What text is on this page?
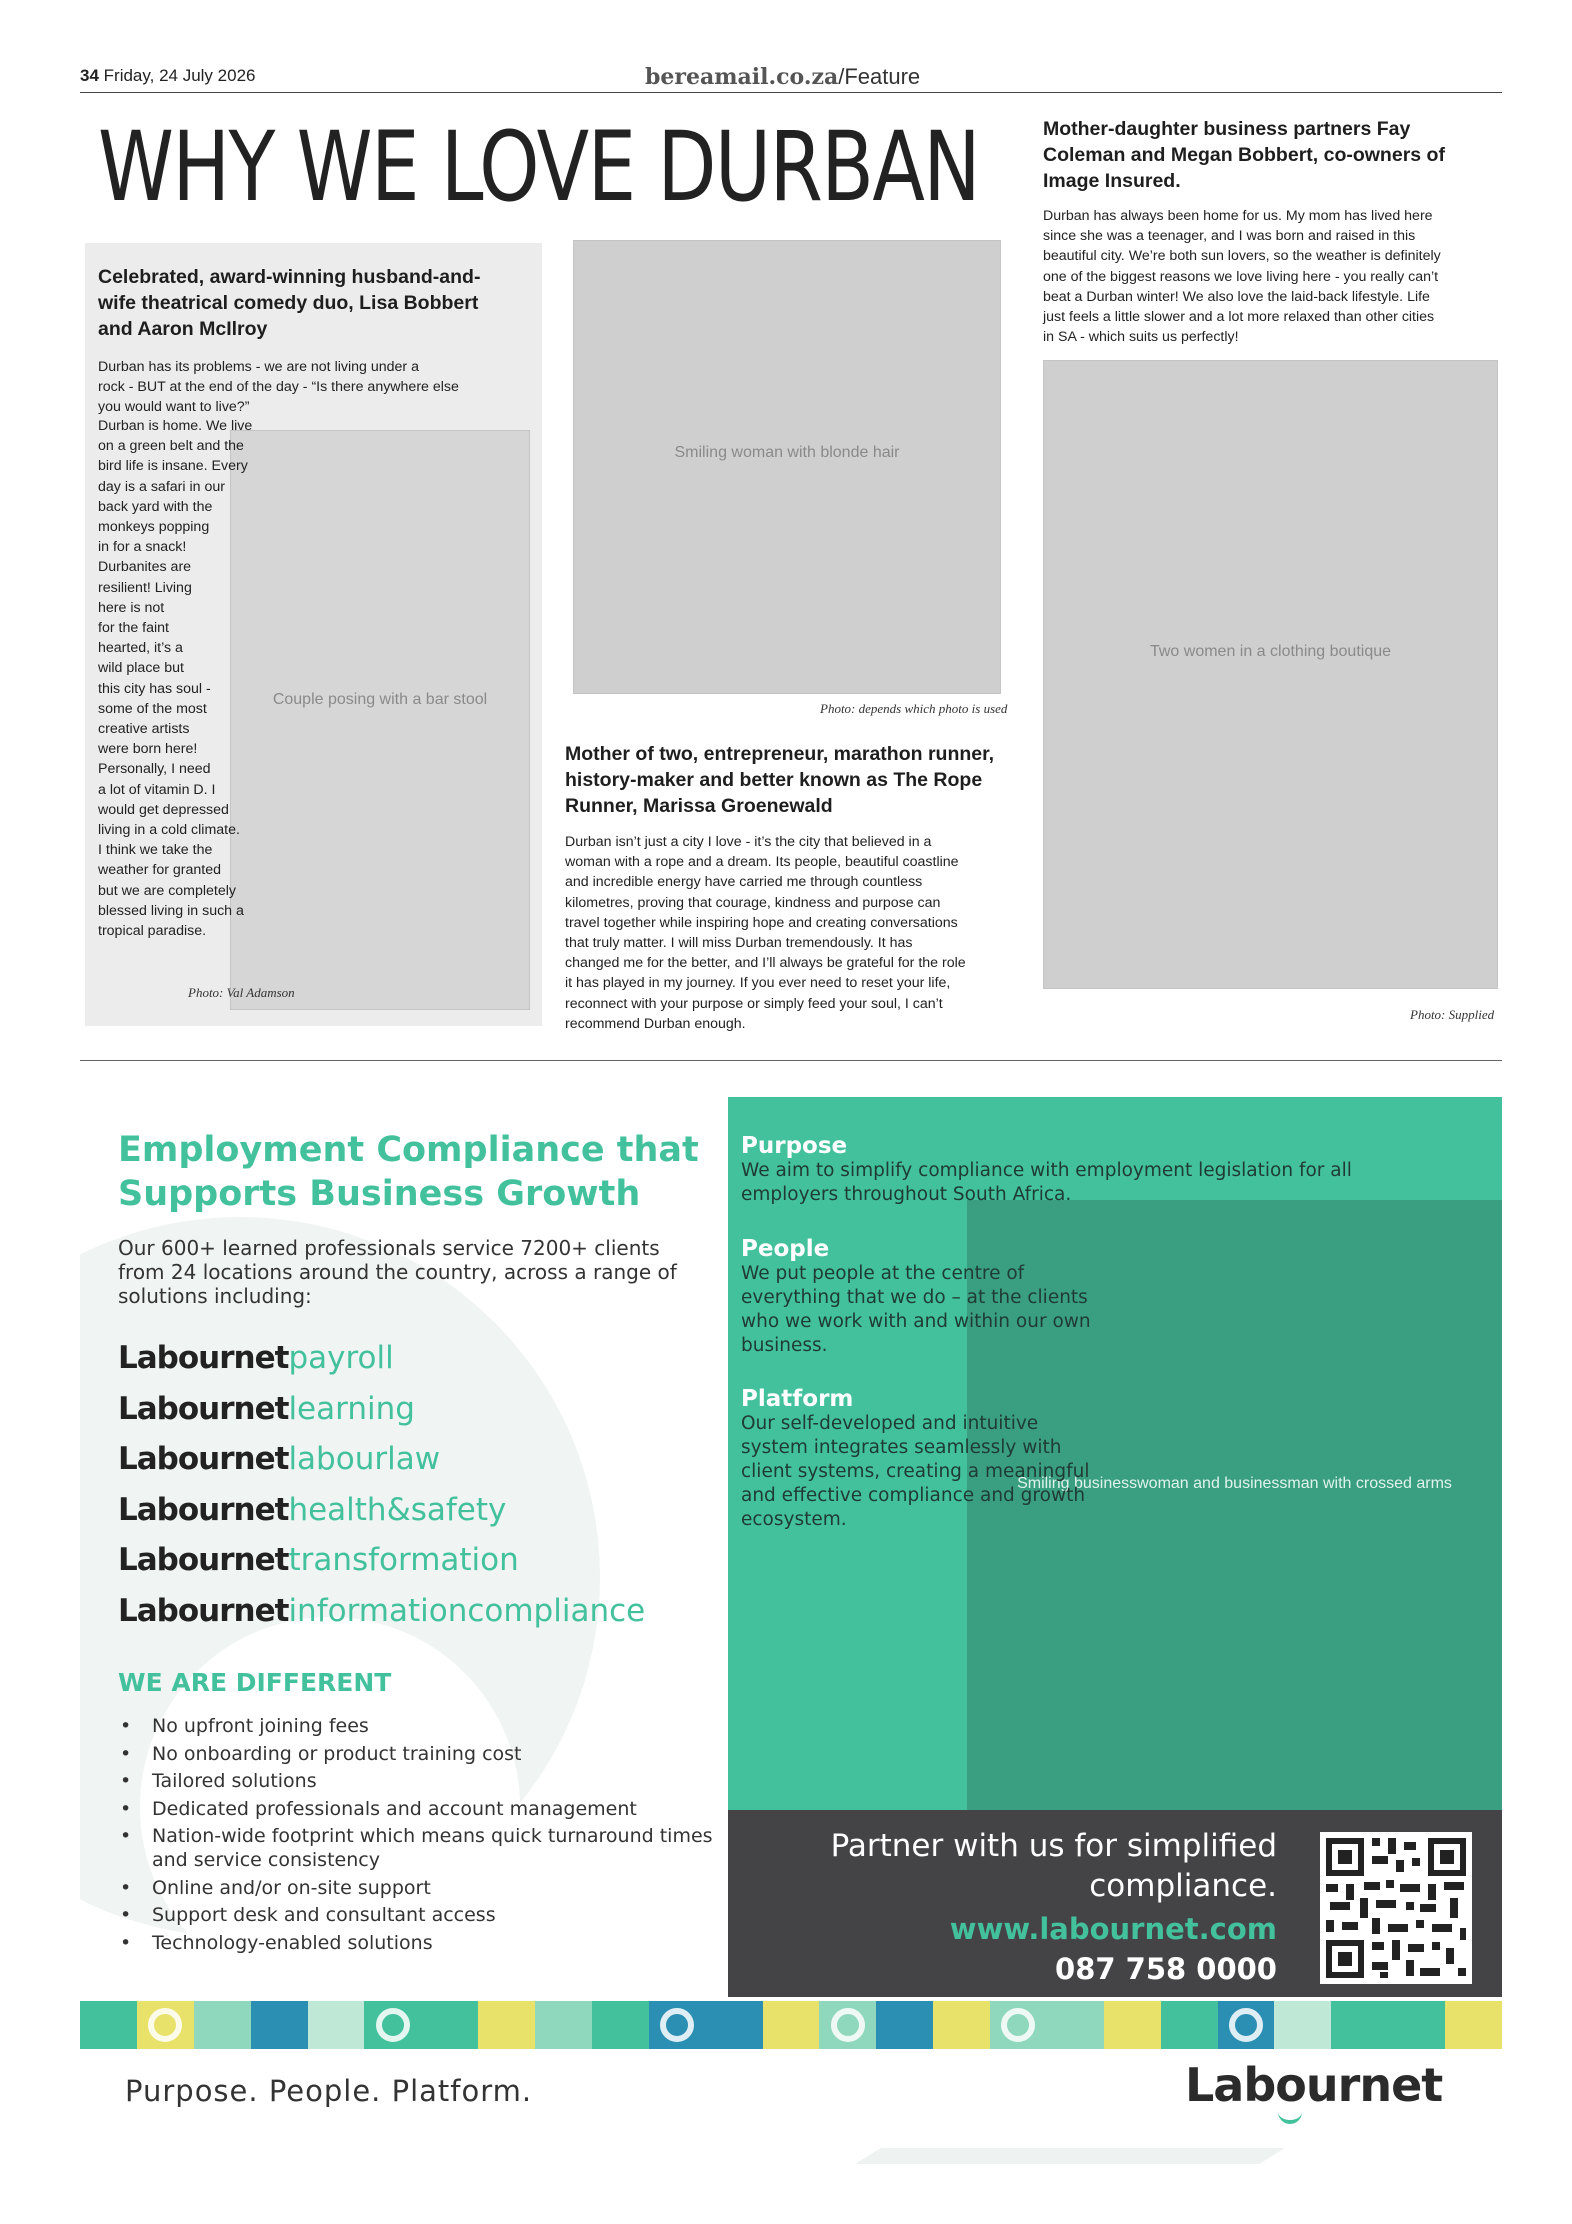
34 Friday, 24 July 2026	bereamail.co.za/Feature
WHY WE LOVE DURBAN
Couple posing with a bar stool
Celebrated, award-winning husband-and-wife theatrical comedy duo, Lisa Bobbert and Aaron McIlroy
Durban has its problems - we are not living under a
rock - BUT at the end of the day - “Is there anywhere else
you would want to live?”
Durban is home. We live
on a green belt and the
bird life is insane. Every
day is a safari in our
back yard with the
monkeys popping
in for a snack!
Durbanites are
resilient! Living
here is not
for the faint
hearted, it’s a
wild place but
this city has soul -
some of the most
creative artists
were born here!
Personally, I need
a lot of vitamin D. I
would get depressed
living in a cold climate.
I think we take the
weather for granted
but we are completely
blessed living in such a
tropical paradise.
Photo: Val Adamson
Smiling woman with blonde hair
Photo: depends which photo is used
Mother of two, entrepreneur, marathon runner, history-maker and better known as The Rope Runner, Marissa Groenewald
Durban isn’t just a city I love - it’s the city that believed in a
woman with a rope and a dream. Its people, beautiful coastline
and incredible energy have carried me through countless
kilometres, proving that courage, kindness and purpose can
travel together while inspiring hope and creating conversations
that truly matter. I will miss Durban tremendously. It has
changed me for the better, and I’ll always be grateful for the role
it has played in my journey. If you ever need to reset your life,
reconnect with your purpose or simply feed your soul, I can’t
recommend Durban enough.
Mother-daughter business partners Fay Coleman and Megan Bobbert, co-owners of Image Insured.
Durban has always been home for us. My mom has lived here
since she was a teenager, and I was born and raised in this
beautiful city. We’re both sun lovers, so the weather is definitely
one of the biggest reasons we love living here - you really can’t
beat a Durban winter! We also love the laid-back lifestyle. Life
just feels a little slower and a lot more relaxed than other cities
in SA - which suits us perfectly!
Two women in a clothing boutique
Photo: Supplied
Employment Compliance that Supports Business Growth
Our 600+ learned professionals service 7200+ clients from 24 locations around the country, across a range of solutions including:
Labournetpayroll
Labournetlearning
Labournetlabourlaw
Labournethealth&safety
Labournettransformation
Labournetinformationcompliance
WE ARE DIFFERENT
• No upfront joining fees
• No onboarding or product training cost
• Tailored solutions
• Dedicated professionals and account management
• Nation-wide footprint which means quick turnaround times and service consistency
• Online and/or on-site support
• Support desk and consultant access
• Technology-enabled solutions
Smiling businesswoman and businessman with crossed arms
Purpose
We aim to simplify compliance with employment legislation for all employers throughout South Africa.
People
We put people at the centre of everything that we do – at the clients who we work with and within our own business.
Platform
Our self-developed and intuitive system integrates seamlessly with client systems, creating a meaningful and effective compliance and growth ecosystem.
Partner with us for simplified
compliance.
www.labournet.com
087 758 0000
Purpose. People. Platform.	Labournet
